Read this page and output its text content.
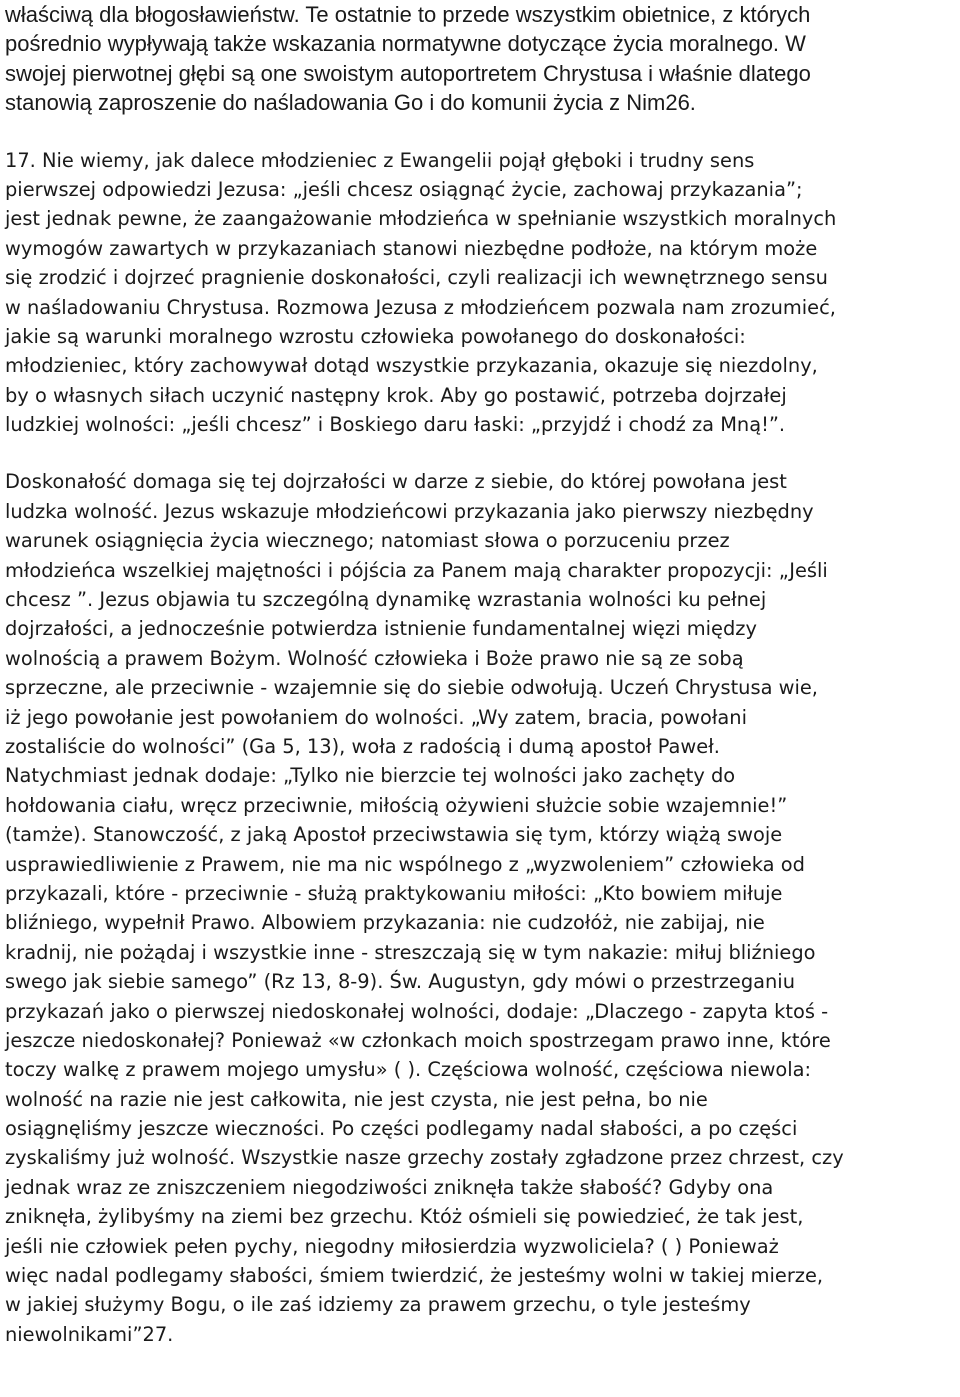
właściwą dla błogosławieństw. Te ostatnie to przede wszystkim obietnice, z których
pośrednio wypływają także wskazania normatywne dotyczące życia moralnego. W
swojej pierwotnej głębi są one swoistym autoportretem Chrystusa i właśnie dlatego
stanowią zaproszenie do naśladowania Go i do komunii życia z Nim26.
17. Nie wiemy, jak dalece młodzieniec z Ewangelii pojął głęboki i trudny sens
pierwszej odpowiedzi Jezusa: „jeśli chcesz osiągnąć życie, zachowaj przykazania”;
jest jednak pewne, że zaangażowanie młodzieńca w spełnianie wszystkich moralnych
wymogów zawartych w przykazaniach stanowi niezbędne podłoże, na którym może
się zrodzić i dojrzeć pragnienie doskonałości, czyli realizacji ich wewnętrznego sensu
w naśladowaniu Chrystusa. Rozmowa Jezusa z młodzieńcem pozwala nam zrozumieć,
jakie są warunki moralnego wzrostu człowieka powołanego do doskonałości:
młodzieniec, który zachowywał dotąd wszystkie przykazania, okazuje się niezdolny,
by o własnych siłach uczynić następny krok. Aby go postawić, potrzeba dojrzałej
ludzkiej wolności: „jeśli chcesz” i Boskiego daru łaski: „przyjdź i chodź za Mną!”.
Doskonałość domaga się tej dojrzałości w darze z siebie, do której powołana jest
ludzka wolność. Jezus wskazuje młodzieńcowi przykazania jako pierwszy niezbędny
warunek osiągnięcia życia wiecznego; natomiast słowa o porzuceniu przez
młodzieńca wszelkiej majętności i pójścia za Panem mają charakter propozycji: „Jeśli
chcesz ”. Jezus objawia tu szczególną dynamikę wzrastania wolności ku pełnej
dojrzałości, a jednocześnie potwierdza istnienie fundamentalnej więzi między
wolnością a prawem Bożym. Wolność człowieka i Boże prawo nie są ze sobą
sprzeczne, ale przeciwnie - wzajemnie się do siebie odwołują. Uczeń Chrystusa wie,
iż jego powołanie jest powołaniem do wolności. „Wy zatem, bracia, powołani
zostaliście do wolności” (Ga 5, 13), woła z radością i dumą apostoł Paweł.
Natychmiast jednak dodaje: „Tylko nie bierzcie tej wolności jako zachęty do
hołdowania ciału, wręcz przeciwnie, miłością ożywieni służcie sobie wzajemnie!”
(tamże). Stanowczość, z jaką Apostoł przeciwstawia się tym, którzy wiążą swoje
usprawiedliwienie z Prawem, nie ma nic wspólnego z „wyzwoleniem” człowieka od
przykazali, które - przeciwnie - służą praktykowaniu miłości: „Kto bowiem miłuje
bliźniego, wypełnił Prawo. Albowiem przykazania: nie cudzołóż, nie zabijaj, nie
kradnij, nie pożądaj i wszystkie inne - streszczają się w tym nakazie: miłuj bliźniego
swego jak siebie samego” (Rz 13, 8-9). Św. Augustyn, gdy mówi o przestrzeganiu
przykazań jako o pierwszej niedoskonałej wolności, dodaje: „Dlaczego - zapyta ktoś -
jeszcze niedoskonałej? Ponieważ «w członkach moich spostrzegam prawo inne, które
toczy walkę z prawem mojego umysłu» ( ). Częściowa wolność, częściowa niewola:
wolność na razie nie jest całkowita, nie jest czysta, nie jest pełna, bo nie
osiągnęliśmy jeszcze wieczności. Po części podlegamy nadal słabości, a po części
zyskaliśmy już wolność. Wszystkie nasze grzechy zostały zgładzone przez chrzest, czy
jednak wraz ze zniszczeniem niegodziwości zniknęła także słabość? Gdyby ona
zniknęła, żylibyśmy na ziemi bez grzechu. Któż ośmieli się powiedzieć, że tak jest,
jeśli nie człowiek pełen pychy, niegodny miłosierdzia wyzwoliciela? ( ) Ponieważ
więc nadal podlegamy słabości, śmiem twierdzić, że jesteśmy wolni w takiej mierze,
w jakiej służymy Bogu, o ile zaś idziemy za prawem grzechu, o tyle jesteśmy
niewolnikami”27.
